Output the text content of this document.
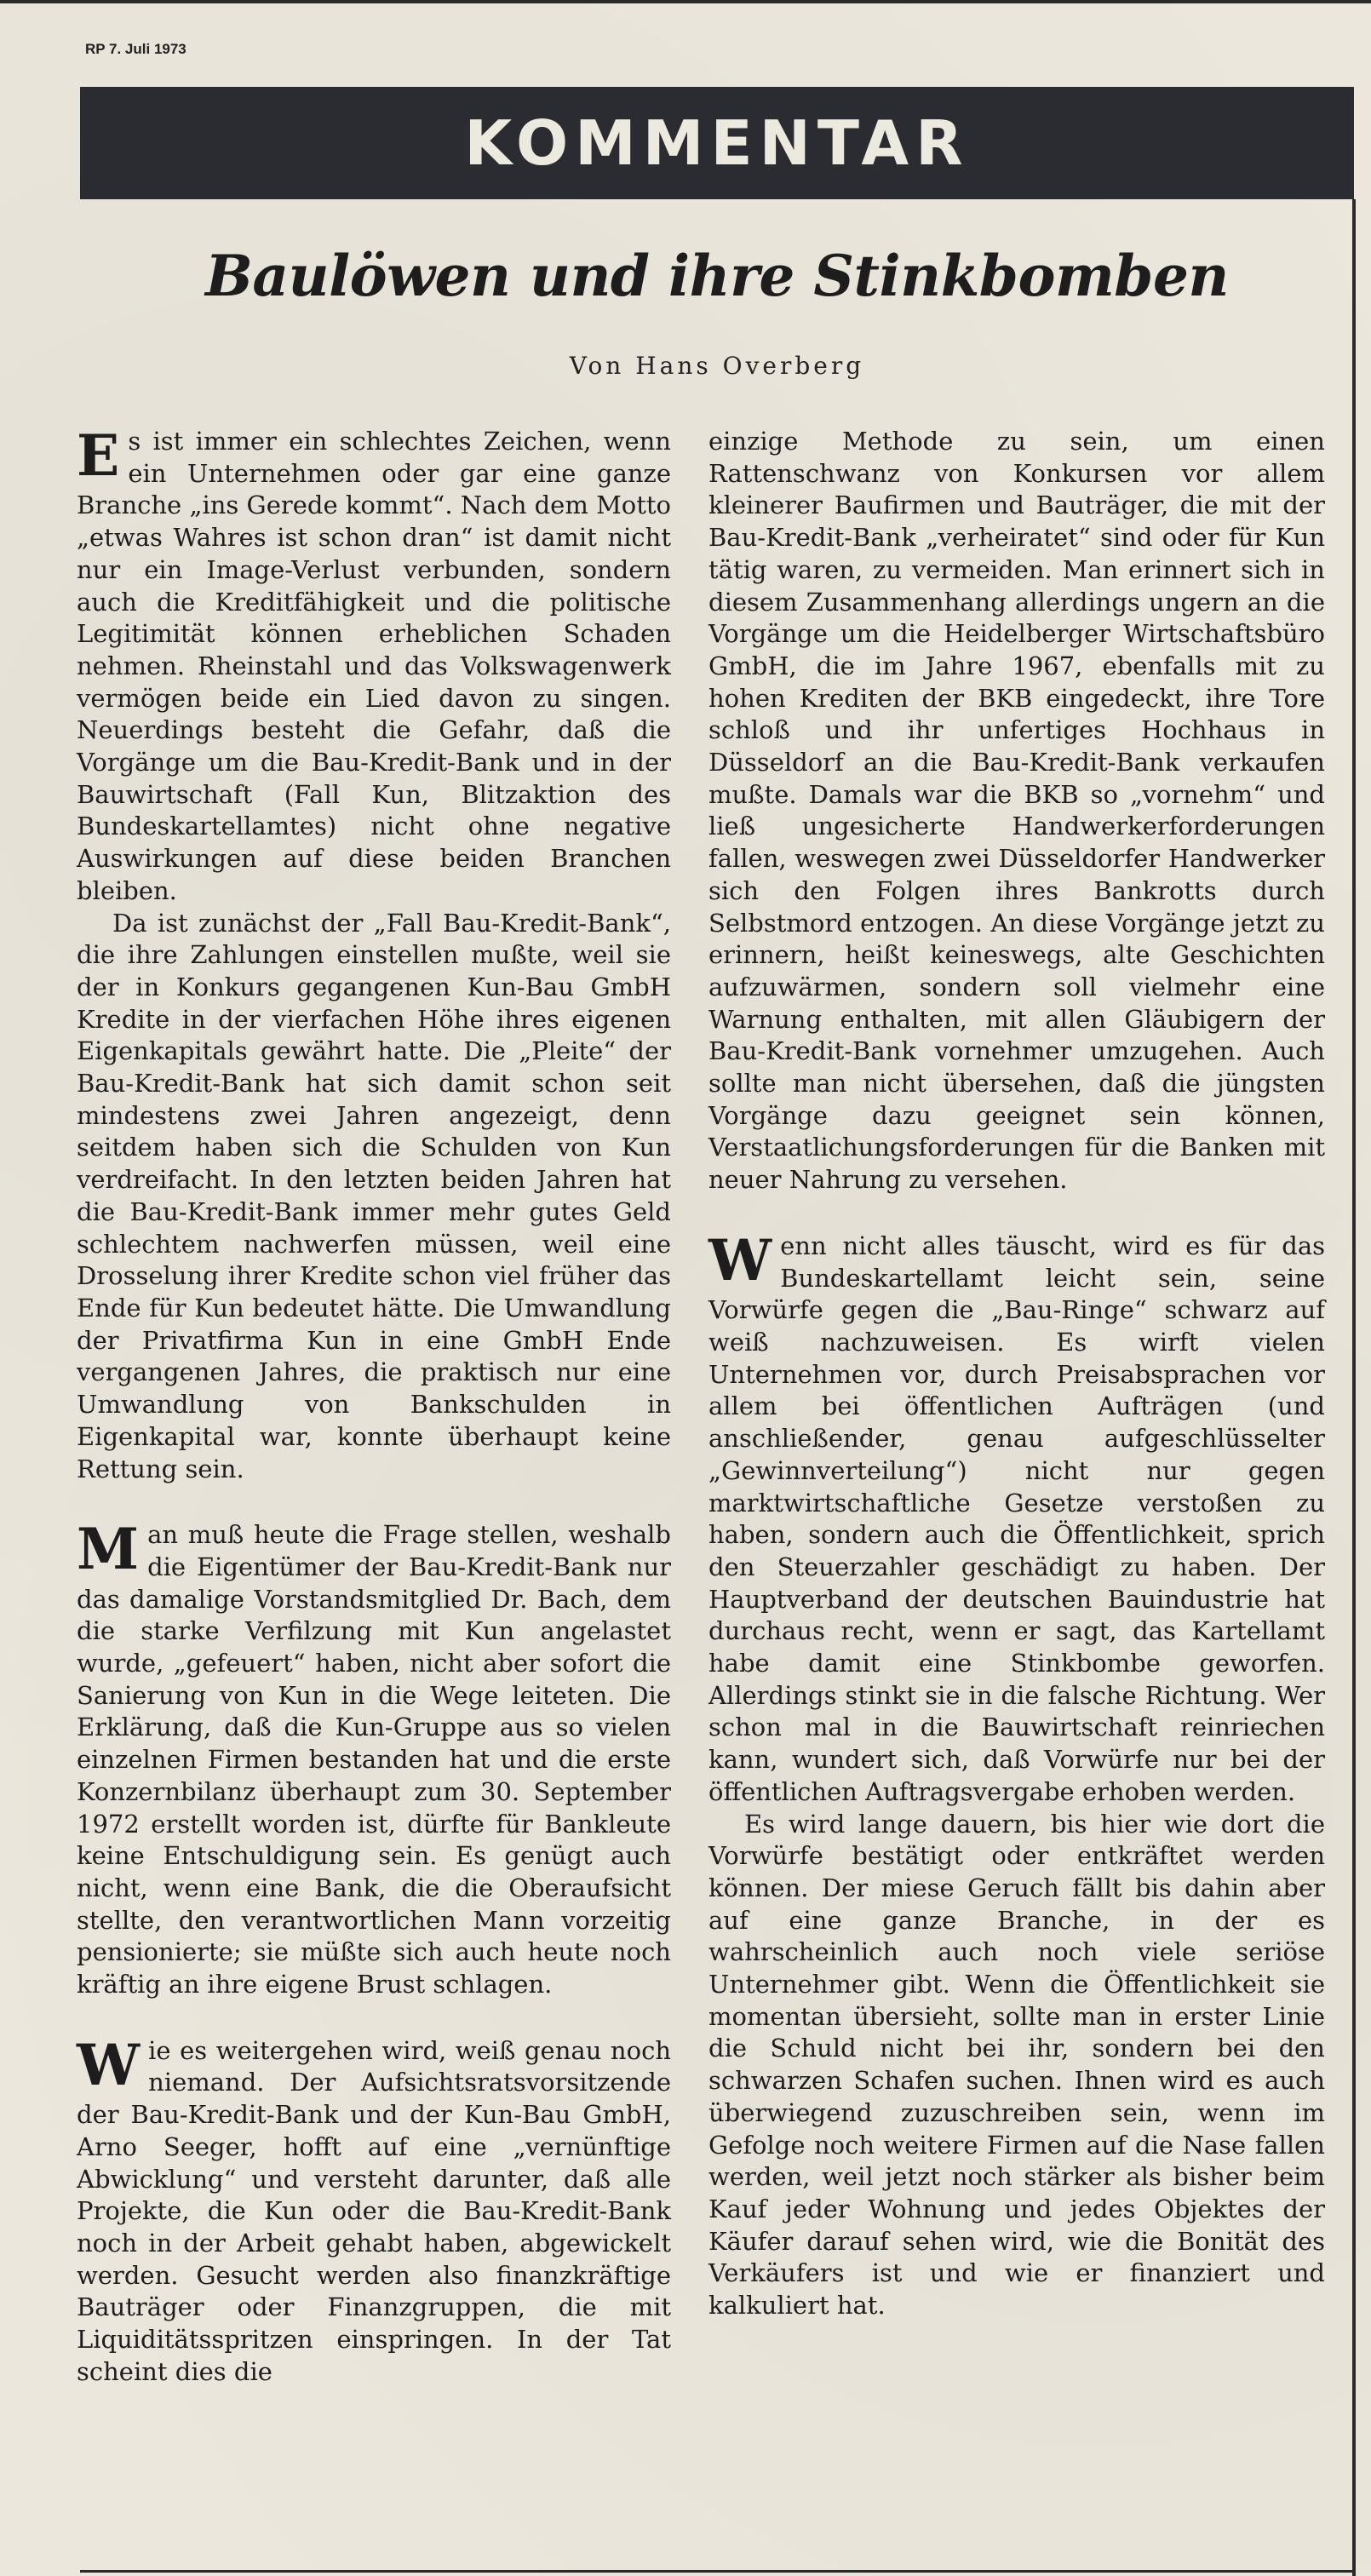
RP 7. Juli 1973
KOMMENTAR
Baulöwen und ihre Stinkbomben
Von Hans Overberg

Es ist immer ein schlechtes Zeichen, wenn ein Unternehmen oder gar eine ganze Branche „ins Gerede kommt“. Nach dem Motto „etwas Wahres ist schon dran“ ist damit nicht nur ein Image-Verlust verbunden, sondern auch die Kreditfähigkeit und die politische Legitimität können erheblichen Schaden nehmen. Rheinstahl und das Volkswagenwerk vermögen beide ein Lied davon zu singen. Neuerdings besteht die Gefahr, daß die Vorgänge um die Bau-Kredit-Bank und in der Bauwirtschaft (Fall Kun, Blitzaktion des Bundeskartellamtes) nicht ohne negative Auswirkungen auf diese beiden Branchen bleiben.

Da ist zunächst der „Fall Bau-Kredit-Bank“, die ihre Zahlungen einstellen mußte, weil sie der in Konkurs gegangenen Kun-Bau GmbH Kredite in der vierfachen Höhe ihres eigenen Eigenkapitals gewährt hatte. Die „Pleite“ der Bau-Kredit-Bank hat sich damit schon seit mindestens zwei Jahren angezeigt, denn seitdem haben sich die Schulden von Kun verdreifacht. In den letzten beiden Jahren hat die Bau-Kredit-Bank immer mehr gutes Geld schlechtem nachwerfen müssen, weil eine Drosselung ihrer Kredite schon viel früher das Ende für Kun bedeutet hätte. Die Umwandlung der Privatfirma Kun in eine GmbH Ende vergangenen Jahres, die praktisch nur eine Umwandlung von Bankschulden in Eigenkapital war, konnte überhaupt keine Rettung sein.

Man muß heute die Frage stellen, weshalb die Eigentümer der Bau-Kredit-Bank nur das damalige Vorstandsmitglied Dr. Bach, dem die starke Verfilzung mit Kun angelastet wurde, „gefeuert“ haben, nicht aber sofort die Sanierung von Kun in die Wege leiteten. Die Erklärung, daß die Kun-Gruppe aus so vielen einzelnen Firmen bestanden hat und die erste Konzernbilanz überhaupt zum 30. September 1972 erstellt worden ist, dürfte für Bankleute keine Entschuldigung sein. Es genügt auch nicht, wenn eine Bank, die die Oberaufsicht stellte, den verantwortlichen Mann vorzeitig pensionierte; sie müßte sich auch heute noch kräftig an ihre eigene Brust schlagen.

Wie es weitergehen wird, weiß genau noch niemand. Der Aufsichtsratsvorsitzende der Bau-Kredit-Bank und der Kun-Bau GmbH, Arno Seeger, hofft auf eine „vernünftige Abwicklung“ und versteht darunter, daß alle Projekte, die Kun oder die Bau-Kredit-Bank noch in der Arbeit gehabt haben, abgewickelt werden. Gesucht werden also finanzkräftige Bauträger oder Finanzgruppen, die mit Liquiditätsspritzen einspringen. In der Tat scheint dies die

einzige Methode zu sein, um einen Rattenschwanz von Konkursen vor allem kleinerer Baufirmen und Bauträger, die mit der Bau-Kredit-Bank „verheiratet“ sind oder für Kun tätig waren, zu vermeiden. Man erinnert sich in diesem Zusammenhang allerdings ungern an die Vorgänge um die Heidelberger Wirtschaftsbüro GmbH, die im Jahre 1967, ebenfalls mit zu hohen Krediten der BKB eingedeckt, ihre Tore schloß und ihr unfertiges Hochhaus in Düsseldorf an die Bau-Kredit-Bank verkaufen mußte. Damals war die BKB so „vornehm“ und ließ ungesicherte Handwerkerforderungen fallen, weswegen zwei Düsseldorfer Handwerker sich den Folgen ihres Bankrotts durch Selbstmord entzogen. An diese Vorgänge jetzt zu erinnern, heißt keineswegs, alte Geschichten aufzuwärmen, sondern soll vielmehr eine Warnung enthalten, mit allen Gläubigern der Bau-Kredit-Bank vornehmer umzugehen. Auch sollte man nicht übersehen, daß die jüngsten Vorgänge dazu geeignet sein können, Verstaatlichungsforderungen für die Banken mit neuer Nahrung zu versehen.

Wenn nicht alles täuscht, wird es für das Bundeskartellamt leicht sein, seine Vorwürfe gegen die „Bau-Ringe“ schwarz auf weiß nachzuweisen. Es wirft vielen Unternehmen vor, durch Preisabsprachen vor allem bei öffentlichen Aufträgen (und anschließender, genau aufgeschlüsselter „Gewinnverteilung“) nicht nur gegen marktwirtschaftliche Gesetze verstoßen zu haben, sondern auch die Öffentlichkeit, sprich den Steuerzahler geschädigt zu haben. Der Hauptverband der deutschen Bauindustrie hat durchaus recht, wenn er sagt, das Kartellamt habe damit eine Stinkbombe geworfen. Allerdings stinkt sie in die falsche Richtung. Wer schon mal in die Bauwirtschaft reinriechen kann, wundert sich, daß Vorwürfe nur bei der öffentlichen Auftragsvergabe erhoben werden.

Es wird lange dauern, bis hier wie dort die Vorwürfe bestätigt oder entkräftet werden können. Der miese Geruch fällt bis dahin aber auf eine ganze Branche, in der es wahrscheinlich auch noch viele seriöse Unternehmer gibt. Wenn die Öffentlichkeit sie momentan übersieht, sollte man in erster Linie die Schuld nicht bei ihr, sondern bei den schwarzen Schafen suchen. Ihnen wird es auch überwiegend zuzuschreiben sein, wenn im Gefolge noch weitere Firmen auf die Nase fallen werden, weil jetzt noch stärker als bisher beim Kauf jeder Wohnung und jedes Objektes der Käufer darauf sehen wird, wie die Bonität des Verkäufers ist und wie er finanziert und kalkuliert hat.
